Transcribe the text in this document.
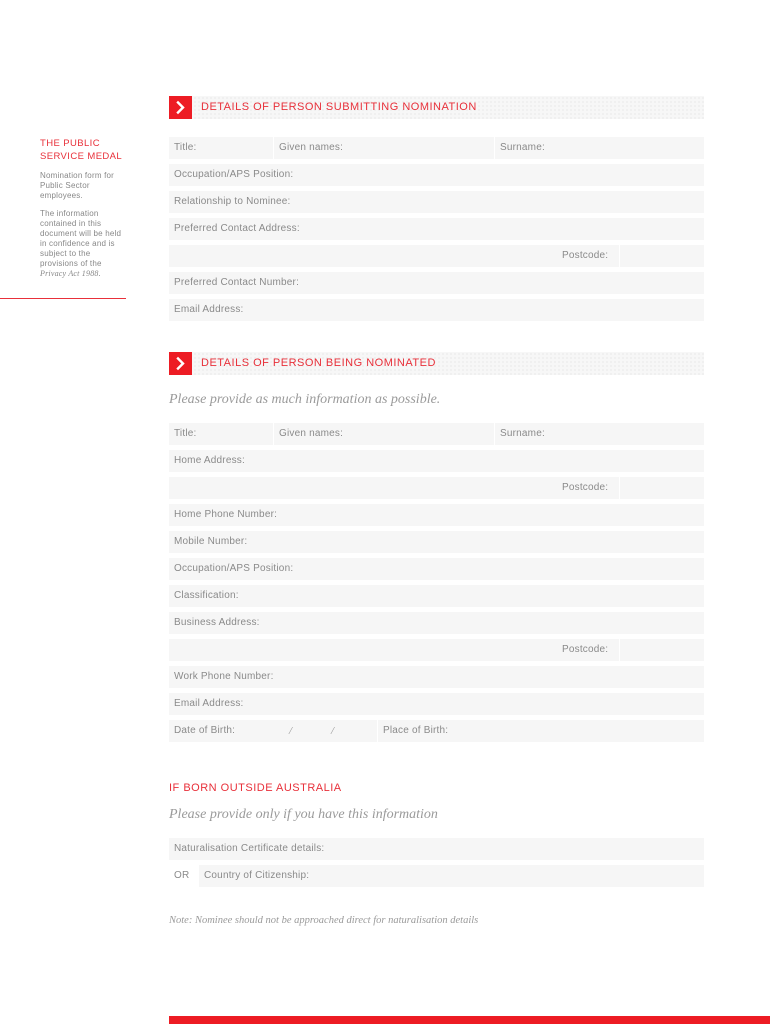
THE PUBLIC SERVICE MEDAL
Nomination form for Public Sector employees.
The information contained in this document will be held in confidence and is subject to the provisions of the Privacy Act 1988.
DETAILS OF PERSON SUBMITTING NOMINATION
Title:	Given names:	Surname:
Occupation/APS Position:
Relationship to Nominee:
Preferred Contact Address:
Postcode:
Preferred Contact Number:
Email Address:
DETAILS OF PERSON BEING NOMINATED
Please provide as much information as possible.
Title:	Given names:	Surname:
Home Address:
Postcode:
Home Phone Number:
Mobile Number:
Occupation/APS Position:
Classification:
Business Address:
Postcode:
Work Phone Number:
Email Address:
Date of Birth:	/	/	Place of Birth:
IF BORN OUTSIDE AUSTRALIA
Please provide only if you have this information
Naturalisation Certificate details:
OR Country of Citizenship:
Note: Nominee should not be approached direct for naturalisation details
